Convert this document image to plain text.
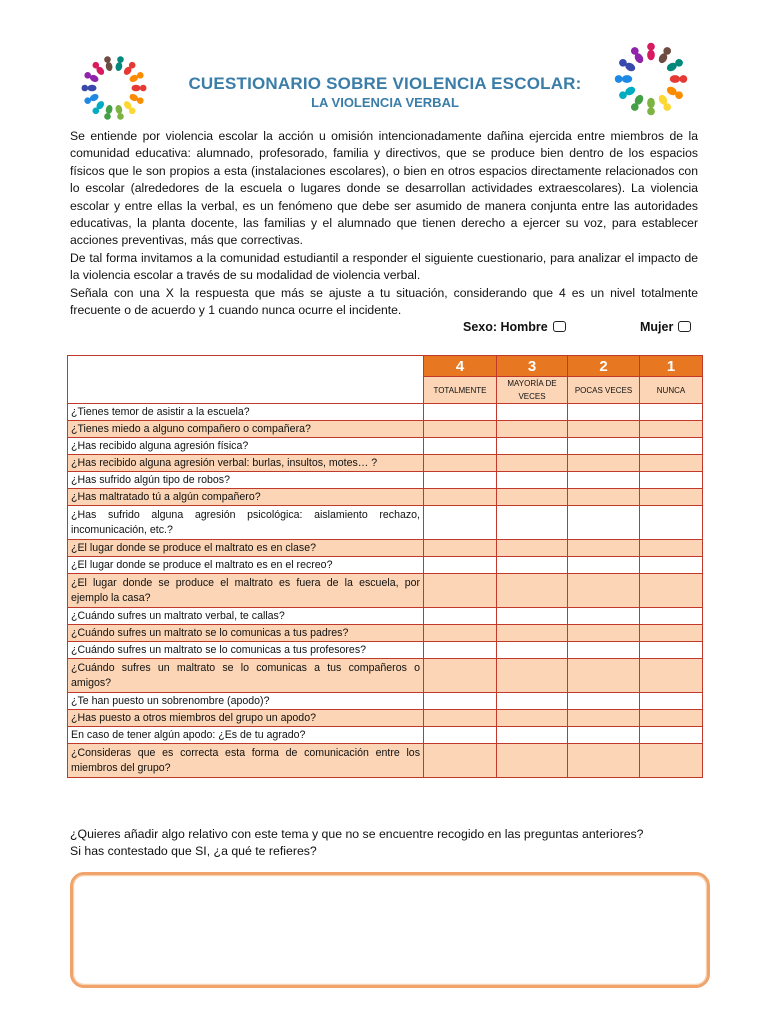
CUESTIONARIO SOBRE VIOLENCIA ESCOLAR:
LA VIOLENCIA VERBAL

Se entiende por violencia escolar la acción u omisión intencionadamente dañina ejercida entre miembros de la comunidad educativa: alumnado, profesorado, familia y directivos, que se produce bien dentro de los espacios físicos que le son propios a esta (instalaciones escolares), o bien en otros espacios directamente relacionados con lo escolar (alrededores de la escuela o lugares donde se desarrollan actividades extraescolares). La violencia escolar y entre ellas la verbal, es un fenómeno que debe ser asumido de manera conjunta entre las autoridades educativas, la planta docente, las familias y el alumnado que tienen derecho a ejercer su voz, para establecer acciones preventivas, más que correctivas.

De tal forma invitamos a la comunidad estudiantil a responder el siguiente cuestionario, para analizar el impacto de la violencia escolar a través de su modalidad de violencia verbal.

Señala con una X la respuesta que más se ajuste a tu situación, considerando que 4 es un nivel totalmente frecuente o de acuerdo y 1 cuando nunca ocurre el incidente.

Sexo: Hombre	Mujer
	4	3	2	1
	TOTALMENTE	MAYORÍA DE VECES	POCAS VECES	NUNCA
¿Tienes temor de asistir a la escuela?				
¿Tienes miedo a alguno compañero o compañera?				
¿Has recibido alguna agresión física?				
¿Has recibido alguna agresión verbal: burlas, insultos, motes… ?				
¿Has sufrido algún tipo de robos?				
¿Has maltratado tú a algún compañero?				
¿Has sufrido alguna agresión psicológica: aislamiento rechazo, incomunicación, etc.?				
¿El lugar donde se produce el maltrato es en clase?				
¿El lugar donde se produce el maltrato es en el recreo?				
¿El lugar donde se produce el maltrato es fuera de la escuela, por ejemplo la casa?				
¿Cuándo sufres un maltrato verbal, te callas?				
¿Cuándo sufres un maltrato se lo comunicas a tus padres?				
¿Cuándo sufres un maltrato se lo comunicas a tus profesores?				
¿Cuándo sufres un maltrato se lo comunicas a tus compañeros o amigos?				
¿Te han puesto un sobrenombre (apodo)?				
¿Has puesto a otros miembros del grupo un apodo?				
En caso de tener algún apodo: ¿Es de tu agrado?				
¿Consideras que es correcta esta forma de comunicación entre los miembros del grupo?				
¿Quieres añadir algo relativo con este tema y que no se encuentre recogido en las preguntas anteriores?
Si has contestado que SI, ¿a qué te refieres?
